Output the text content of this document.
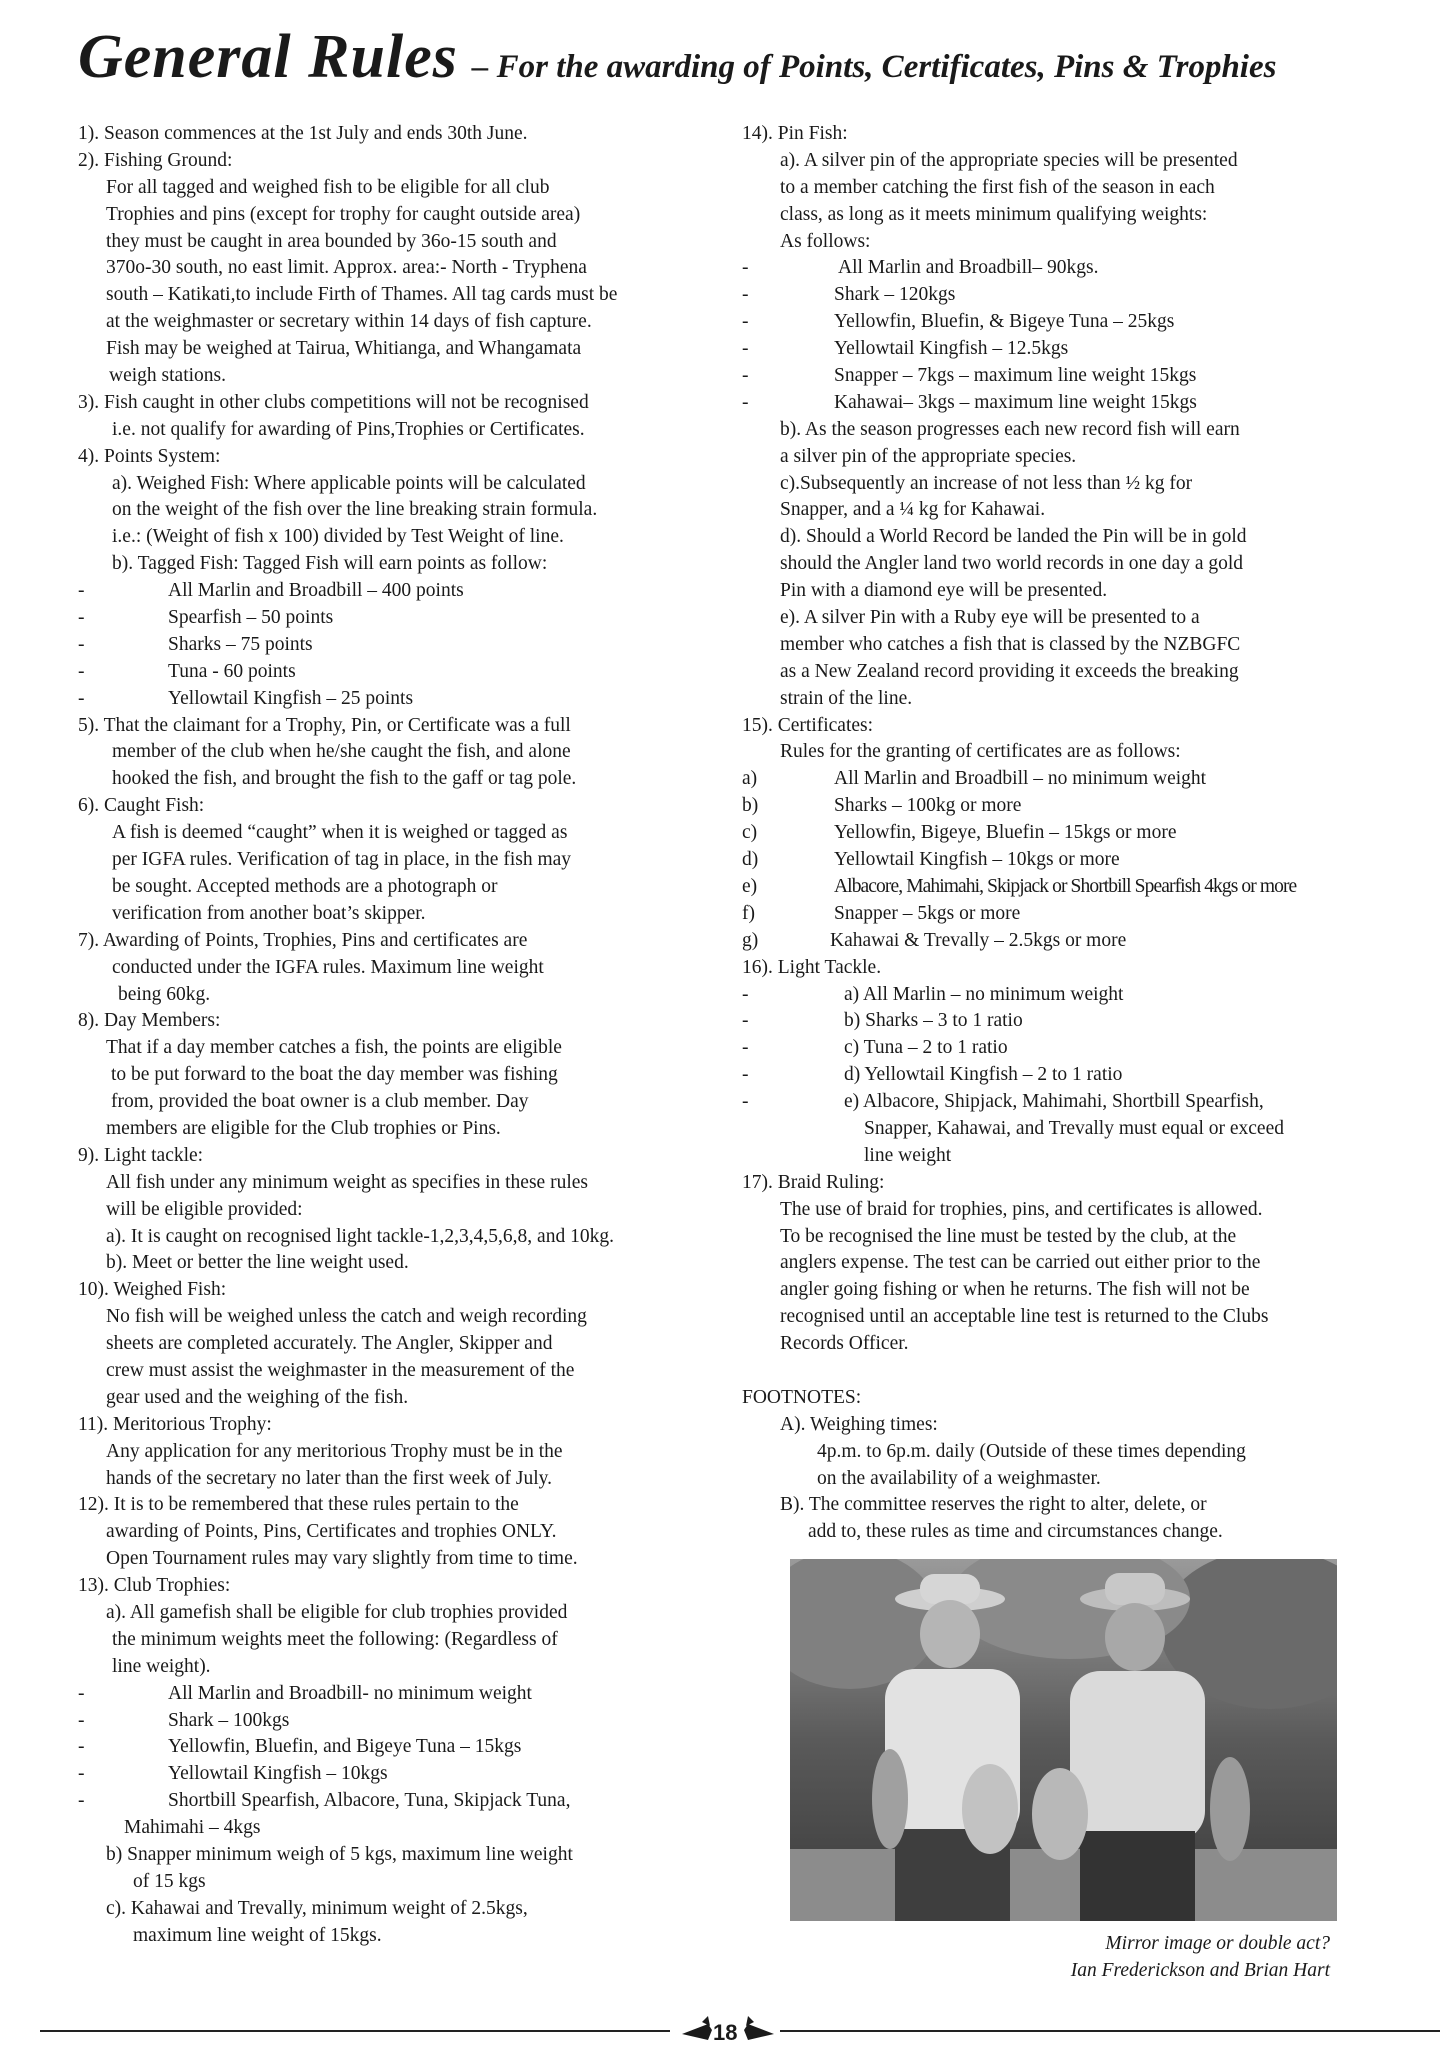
General Rules – For the awarding of Points, Certificates, Pins & Trophies
1). Season commences at the 1st July and ends 30th June.
2). Fishing Ground:
For all tagged and weighed fish to be eligible for all club
Trophies and pins (except for trophy for caught outside area)
they must be caught in area bounded by 36o-15 south and
370o-30 south, no east limit. Approx. area:- North - Tryphena
south – Katikati,to include Firth of Thames. All tag cards must be
at the weighmaster or secretary within 14 days of fish capture.
Fish may be weighed at Tairua, Whitianga, and Whangamata
weigh stations.
3). Fish caught in other clubs competitions will not be recognised
i.e. not qualify for awarding of Pins,Trophies or Certificates.
4). Points System:
a). Weighed Fish: Where applicable points will be calculated
on the weight of the fish over the line breaking strain formula.
i.e.: (Weight of fish x 100) divided by Test Weight of line.
b). Tagged Fish: Tagged Fish will earn points as follow:
-	All Marlin and Broadbill – 400 points
-	Spearfish – 50 points
-	Sharks – 75 points
-	Tuna - 60 points
-	Yellowtail Kingfish – 25 points
5). That the claimant for a Trophy, Pin, or Certificate was a full
member of the club when he/she caught the fish, and alone
hooked the fish, and brought the fish to the gaff or tag pole.
6). Caught Fish:
A fish is deemed “caught” when it is weighed or tagged as
per IGFA rules. Verification of tag in place, in the fish may
be sought. Accepted methods are a photograph or
verification from another boat’s skipper.
7). Awarding of Points, Trophies, Pins and certificates are
conducted under the IGFA rules. Maximum line weight
being 60kg.
8). Day Members:
That if a day member catches a fish, the points are eligible
to be put forward to the boat the day member was fishing
from, provided the boat owner is a club member. Day
members are eligible for the Club trophies or Pins.
9). Light tackle:
All fish under any minimum weight as specifies in these rules
will be eligible provided:
a). It is caught on recognised light tackle-1,2,3,4,5,6,8, and 10kg.
b). Meet or better the line weight used.
10). Weighed Fish:
No fish will be weighed unless the catch and weigh recording
sheets are completed accurately. The Angler, Skipper and
crew must assist the weighmaster in the measurement of the
gear used and the weighing of the fish.
11). Meritorious Trophy:
Any application for any meritorious Trophy must be in the
hands of the secretary no later than the first week of July.
12). It is to be remembered that these rules pertain to the
awarding of Points, Pins, Certificates and trophies ONLY.
Open Tournament rules may vary slightly from time to time.
13). Club Trophies:
a). All gamefish shall be eligible for club trophies provided
the minimum weights meet the following: (Regardless of
line weight).
-	All Marlin and Broadbill- no minimum weight
-	Shark – 100kgs
-	Yellowfin, Bluefin, and Bigeye Tuna – 15kgs
-	Yellowtail Kingfish – 10kgs
-	Shortbill Spearfish, Albacore, Tuna, Skipjack Tuna,
Mahimahi – 4kgs
b) Snapper minimum weigh of 5 kgs, maximum line weight
of 15 kgs
c). Kahawai and Trevally, minimum weight of 2.5kgs,
maximum line weight of 15kgs.
14). Pin Fish:
a). A silver pin of the appropriate species will be presented
to a member catching the first fish of the season in each
class, as long as it meets minimum qualifying weights:
As follows:
-	All Marlin and Broadbill– 90kgs.
-	Shark – 120kgs
-	Yellowfin, Bluefin, & Bigeye Tuna – 25kgs
-	Yellowtail Kingfish – 12.5kgs
-	Snapper – 7kgs – maximum line weight 15kgs
-	Kahawai– 3kgs – maximum line weight 15kgs
b). As the season progresses each new record fish will earn
a silver pin of the appropriate species.
c).Subsequently an increase of not less than ½ kg for
Snapper, and a ¼ kg for Kahawai.
d). Should a World Record be landed the Pin will be in gold
should the Angler land two world records in one day a gold
Pin with a diamond eye will be presented.
e). A silver Pin with a Ruby eye will be presented to a
member who catches a fish that is classed by the NZBGFC
as a New Zealand record providing it exceeds the breaking
strain of the line.
15). Certificates:
Rules for the granting of certificates are as follows:
a)	All Marlin and Broadbill – no minimum weight
b)	Sharks – 100kg or more
c)	Yellowfin, Bigeye, Bluefin – 15kgs or more
d)	Yellowtail Kingfish – 10kgs or more
e)	Albacore, Mahimahi, Skipjack or Shortbill Spearfish 4kgs or more
f)	Snapper – 5kgs or more
g)	Kahawai & Trevally – 2.5kgs or more
16). Light Tackle.
-	a) All Marlin – no minimum weight
-	b) Sharks – 3 to 1 ratio
-	c) Tuna – 2 to 1 ratio
-	d) Yellowtail Kingfish – 2 to 1 ratio
-	e) Albacore, Shipjack, Mahimahi, Shortbill Spearfish,
Snapper, Kahawai, and Trevally must equal or exceed
line weight
17). Braid Ruling:
The use of braid for trophies, pins, and certificates is allowed.
To be recognised the line must be tested by the club, at the
anglers expense. The test can be carried out either prior to the
angler going fishing or when he returns. The fish will not be
recognised until an acceptable line test is returned to the Clubs
Records Officer.
FOOTNOTES:
A). Weighing times:
4p.m. to 6p.m. daily (Outside of these times depending
on the availability of a weighmaster.
B). The committee reserves the right to alter, delete, or
add to, these rules as time and circumstances change.
Mirror image or double act?
Ian Frederickson and Brian Hart
18
